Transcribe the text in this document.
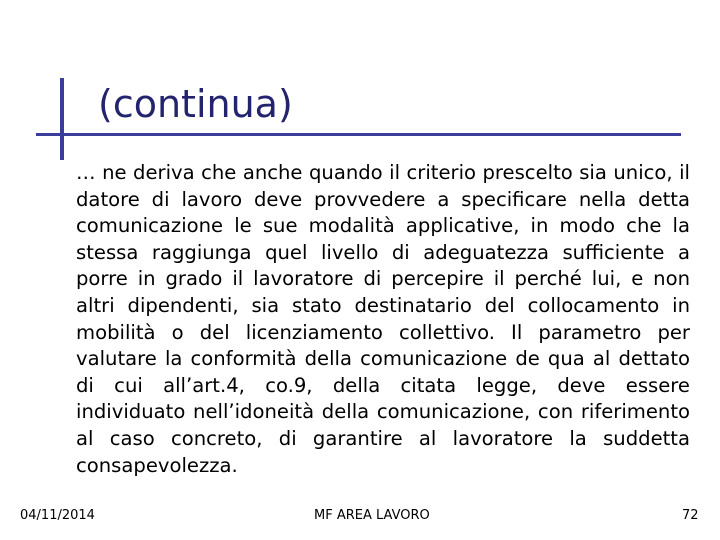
(continua)

… ne deriva che anche quando il criterio prescelto sia unico, il datore di lavoro deve provvedere a specificare nella detta comunicazione le sue modalità applicative, in modo che la stessa raggiunga quel livello di adeguatezza sufficiente a porre in grado il lavoratore di percepire il perché lui, e non altri dipendenti, sia stato destinatario del collocamento in mobilità o del licenziamento collettivo. Il parametro per valutare la conformità della comunicazione de qua al dettato di cui all’art.4, co.9, della citata legge, deve essere individuato nell’idoneità della comunicazione, con riferimento al caso concreto, di garantire al lavoratore la suddetta consapevolezza.

04/11/2014	MF AREA LAVORO	72
